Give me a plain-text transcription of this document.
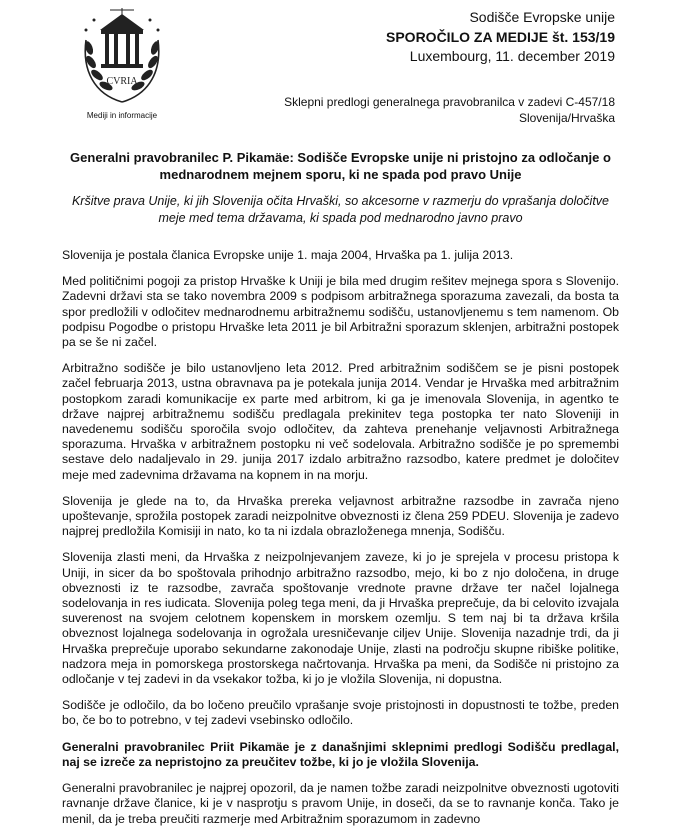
CVRIA
Mediji in informacije
Sodišče Evropske unije
SPOROČILO ZA MEDIJE št. 153/19
Luxembourg, 11. december 2019
Sklepni predlogi generalnega pravobranilca v zadevi C-457/18
Slovenija/Hrvaška
Generalni pravobranilec P. Pikamäe: Sodišče Evropske unije ni pristojno za odločanje o mednarodnem mejnem sporu, ki ne spada pod pravo Unije
Kršitve prava Unije, ki jih Slovenija očita Hrvaški, so akcesorne v razmerju do vprašanja določitve meje med tema državama, ki spada pod mednarodno javno pravo

Slovenija je postala članica Evropske unije 1. maja 2004, Hrvaška pa 1. julija 2013.

Med političnimi pogoji za pristop Hrvaške k Uniji je bila med drugim rešitev mejnega spora s Slovenijo. Zadevni državi sta se tako novembra 2009 s podpisom arbitražnega sporazuma zavezali, da bosta ta spor predložili v odločitev mednarodnemu arbitražnemu sodišču, ustanovljenemu s tem namenom. Ob podpisu Pogodbe o pristopu Hrvaške leta 2011 je bil Arbitražni sporazum sklenjen, arbitražni postopek pa se še ni začel.

Arbitražno sodišče je bilo ustanovljeno leta 2012. Pred arbitražnim sodiščem se je pisni postopek začel februarja 2013, ustna obravnava pa je potekala junija 2014. Vendar je Hrvaška med arbitražnim postopkom zaradi komunikacije ex parte med arbitrom, ki ga je imenovala Slovenija, in agentko te države najprej arbitražnemu sodišču predlagala prekinitev tega postopka ter nato Sloveniji in navedenemu sodišču sporočila svojo odločitev, da zahteva prenehanje veljavnosti Arbitražnega sporazuma. Hrvaška v arbitražnem postopku ni več sodelovala. Arbitražno sodišče je po spremembi sestave delo nadaljevalo in 29. junija 2017 izdalo arbitražno razsodbo, katere predmet je določitev meje med zadevnima državama na kopnem in na morju.

Slovenija je glede na to, da Hrvaška prereka veljavnost arbitražne razsodbe in zavrača njeno upoštevanje, sprožila postopek zaradi neizpolnitve obveznosti iz člena 259 PDEU. Slovenija je zadevo najprej predložila Komisiji in nato, ko ta ni izdala obrazloženega mnenja, Sodišču.

Slovenija zlasti meni, da Hrvaška z neizpolnjevanjem zaveze, ki jo je sprejela v procesu pristopa k Uniji, in sicer da bo spoštovala prihodnjo arbitražno razsodbo, mejo, ki bo z njo določena, in druge obveznosti iz te razsodbe, zavrača spoštovanje vrednote pravne države ter načel lojalnega sodelovanja in res iudicata. Slovenija poleg tega meni, da ji Hrvaška preprečuje, da bi celovito izvajala suverenost na svojem celotnem kopenskem in morskem ozemlju. S tem naj bi ta država kršila obveznost lojalnega sodelovanja in ogrožala uresničevanje ciljev Unije. Slovenija nazadnje trdi, da ji Hrvaška preprečuje uporabo sekundarne zakonodaje Unije, zlasti na področju skupne ribiške politike, nadzora meja in pomorskega prostorskega načrtovanja. Hrvaška pa meni, da Sodišče ni pristojno za odločanje v tej zadevi in da vsekakor tožba, ki jo je vložila Slovenija, ni dopustna.

Sodišče je odločilo, da bo ločeno preučilo vprašanje svoje pristojnosti in dopustnosti te tožbe, preden bo, če bo to potrebno, v tej zadevi vsebinsko odločilo.

Generalni pravobranilec Priit Pikamäe je z današnjimi sklepnimi predlogi Sodišču predlagal, naj se izreče za nepristojno za preučitev tožbe, ki jo je vložila Slovenija.

Generalni pravobranilec je najprej opozoril, da je namen tožbe zaradi neizpolnitve obveznosti ugotoviti ravnanje države članice, ki je v nasprotju s pravom Unije, in doseči, da se to ravnanje konča. Tako je menil, da je treba preučiti razmerje med Arbitražnim sporazumom in zadevno
